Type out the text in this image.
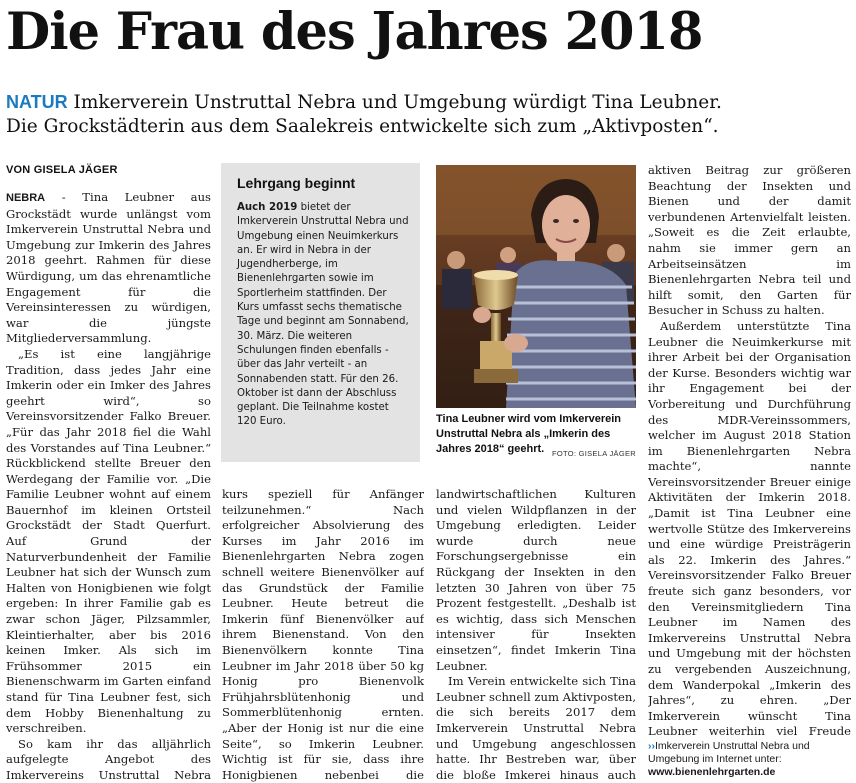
Die Frau des Jahres 2018
NATUR Imkerverein Unstruttal Nebra und Umgebung würdigt Tina Leubner.
Die Grockstädterin aus dem Saalekreis entwickelte sich zum „Aktivposten“.
VON GISELA JÄGER

NEBRA - Tina Leubner aus Grockstädt wurde unlängst vom Imkerverein Unstruttal Nebra und Umgebung zur Imkerin des Jahres 2018 geehrt. Rahmen für diese Würdigung, um das ehrenamtliche Engagement für die Vereinsinteressen zu würdigen, war die jüngste Mitgliederversammlung.

„Es ist eine langjährige Tradition, dass jedes Jahr eine Imkerin oder ein Imker des Jahres geehrt wird“, so Vereinsvorsitzender Falko Breuer. „Für das Jahr 2018 fiel die Wahl des Vorstandes auf Tina Leubner.“ Rückblickend stellte Breuer den Werdegang der Familie vor. „Die Familie Leubner wohnt auf einem Bauernhof im kleinen Ortsteil Grockstädt der Stadt Querfurt. Auf Grund der Naturverbundenheit der Familie Leubner hat sich der Wunsch zum Halten von Honigbienen wie folgt ergeben: In ihrer Familie gab es zwar schon Jäger, Pilzsammler, Kleintierhalter, aber bis 2016 keinen Imker. Als sich im Frühsommer 2015 ein Bienenschwarm im Garten einfand stand für Tina Leubner fest, sich dem Hobby Bienenhaltung zu verschreiben.

So kam ihr das alljährlich aufgelegte Angebot des Imkervereins Unstruttal Nebra

Lehrgang beginnt

Auch 2019 bietet der Imkerverein Unstruttal Nebra und Umgebung einen Neuimkerkurs an. Er wird in Nebra in der Jugendherberge, im Bienenlehrgarten sowie im Sportlerheim stattfinden. Der Kurs umfasst sechs thematische Tage und beginnt am Sonnabend, 30. März. Die weiteren Schulungen finden ebenfalls - über das Jahr verteilt - an Sonnabenden statt. Für den 26. Oktober ist dann der Abschluss geplant. Die Teilnahme kostet 120 Euro.	Tina Leubner wird vom Imkerverein Unstruttal Nebra als „Imkerin des Jahres 2018“ geehrt. FOTO: GISELA JÄGER

kurs speziell für Anfänger teilzunehmen.“ Nach erfolgreicher Absolvierung des Kurses im Jahr 2016 im Bienenlehrgarten Nebra zogen schnell weitere Bienenvölker auf das Grundstück der Familie Leubner. Heute betreut die Imkerin fünf Bienenvölker auf ihrem Bienenstand. Von den Bienenvölkern konnte Tina Leubner im Jahr 2018 über 50 kg Honig pro Bienenvolk Frühjahrsblütenhonig und Sommerblütenhonig ernten. „Aber der Honig ist nur die eine Seite“, so Imkerin Leubner. Wichtig ist für sie, dass ihre Honigbienen nebenbei die

landwirtschaftlichen Kulturen und vielen Wildpflanzen in der Umgebung erledigten. Leider wurde durch neue Forschungsergebnisse ein Rückgang der Insekten in den letzten 30 Jahren von über 75 Prozent festgestellt. „Deshalb ist es wichtig, dass sich Menschen intensiver für Insekten einsetzen“, findet Imkerin Tina Leubner.

Im Verein entwickelte sich Tina Leubner schnell zum Aktivposten, die sich bereits 2017 dem Imkerverein Unstruttal Nebra und Umgebung angeschlossen hatte. Ihr Bestreben war, über die bloße Imkerei hinaus auch

aktiven Beitrag zur größeren Beachtung der Insekten und Bienen und der damit verbundenen Artenvielfalt leisten. „Soweit es die Zeit erlaubte, nahm sie immer gern an Arbeitseinsätzen im Bienenlehrgarten Nebra teil und hilft somit, den Garten für Besucher in Schuss zu halten.

Außerdem unterstützte Tina Leubner die Neuimkerkurse mit ihrer Arbeit bei der Organisation der Kurse. Besonders wichtig war ihr Engagement bei der Vorbereitung und Durchführung des MDR-Vereinssommers, welcher im August 2018 Station im Bienenlehrgarten Nebra machte“, nannte Vereinsvorsitzender Breuer einige Aktivitäten der Imkerin 2018. „Damit ist Tina Leubner eine wertvolle Stütze des Imkervereins und eine würdige Preisträgerin als 22. Imkerin des Jahres.“ Vereinsvorsitzender Falko Breuer freute sich ganz besonders, vor den Vereinsmitgliedern Tina Leubner im Namen des Imkervereins Unstruttal Nebra und Umgebung mit der höchsten zu vergebenden Auszeichnung, dem Wanderpokal „Imkerin des Jahres“, zu ehren. „Der Imkerverein wünscht Tina Leubner weiterhin viel Freude

››Imkerverein Unstruttal Nebra und Umgebung im Internet unter:
www.bienenlehrgarten.de
